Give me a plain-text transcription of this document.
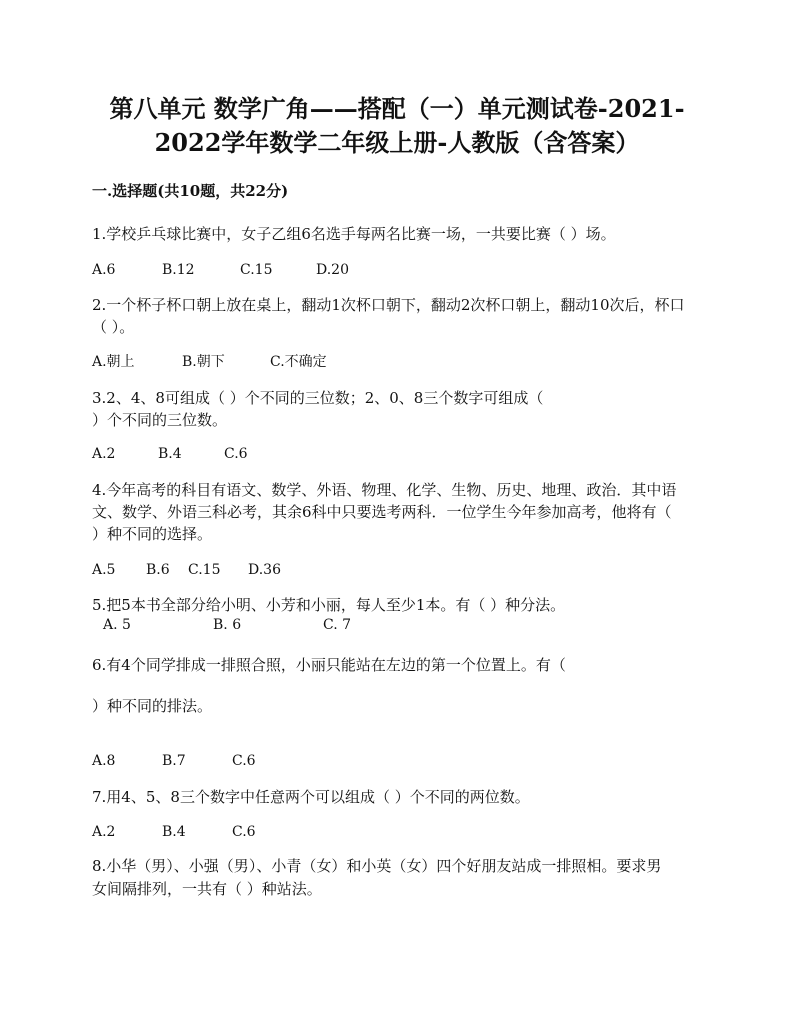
第八单元 数学广角——搭配（一）单元测试卷-2021-
2022学年数学二年级上册-人教版（含答案）
一.选择题(共10题，共22分)
1.学校乒乓球比赛中，女子乙组6名选手每两名比赛一场，一共要比赛（ ）场。
A.6	B.12	C.15	D.20
2.一个杯子杯口朝上放在桌上，翻动1次杯口朝下，翻动2次杯口朝上，翻动10次后，杯口
（ ）。
A.朝上	B.朝下	C.不确定
3.2、4、8可组成（ ）个不同的三位数；2、0、8三个数字可组成（
）个不同的三位数。
A.2	B.4	C.6
4.今年高考的科目有语文、数学、外语、物理、化学、生物、历史、地理、政治．其中语
文、数学、外语三科必考，其余6科中只要选考两科．一位学生今年参加高考，他将有（
）种不同的选择。
A.5 B.6 C.15 D.36
5.把5本书全部分给小明、小芳和小丽，每人至少1本。有（ ）种分法。
A. 5	B. 6	C. 7
6.有4个同学排成一排照合照，小丽只能站在左边的第一个位置上。有（
）种不同的排法。
A.8	B.7	C.6
7.用4、5、8三个数字中任意两个可以组成（ ）个不同的两位数。
A.2	B.4	C.6
8.小华（男）、小强（男）、小青（女）和小英（女）四个好朋友站成一排照相。要求男
女间隔排列，一共有（ ）种站法。
